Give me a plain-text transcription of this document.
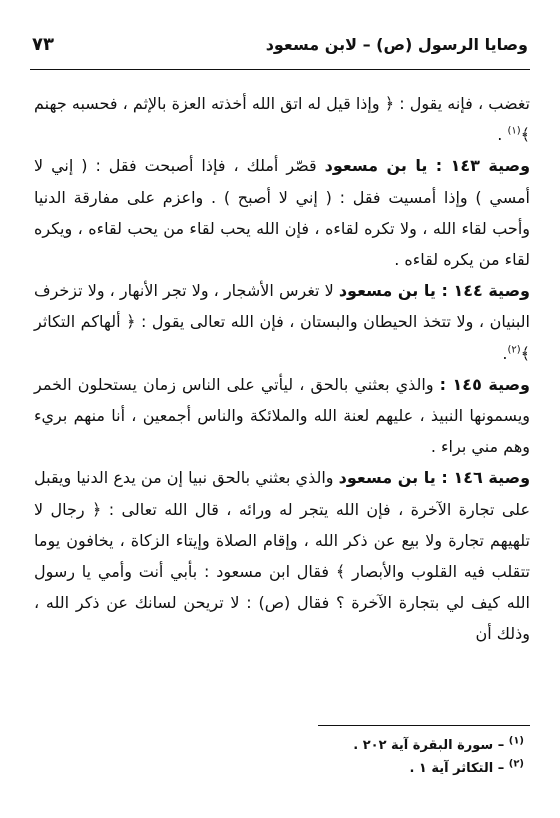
وصايا الرسول (ص) – لابن مسعود
٧٣

تغضب ، فإنه يقول : ﴿ وإذا قيل له اتق الله أخذته العزة بالإثم ، فحسبه جهنم ﴾$^{(١)}$ .

وصية ١٤٣ : يا بن مسعود قصّر أملك ، فإذا أصبحت فقل : ( إني لا أمسي ) وإذا أمسيت فقل : ( إني لا أصبح ) . واعزم على مفارقة الدنيا وأحب لقاء الله ، ولا تكره لقاءه ، فإن الله يحب لقاء من يحب لقاءه ، ويكره لقاء من يكره لقاءه .

وصية ١٤٤ : يا بن مسعود لا تغرس الأشجار ، ولا تجر الأنهار ، ولا تزخرف البنيان ، ولا تتخذ الحيطان والبستان ، فإن الله تعالى يقول : ﴿ ألهاكم التكاثر ﴾$^{(٢)}$.

وصية ١٤٥ : والذي بعثني بالحق ، ليأتي على الناس زمان يستحلون الخمر ويسمونها النبيذ ، عليهم لعنة الله والملائكة والناس أجمعين ، أنا منهم بريء وهم مني براء .

وصية ١٤٦ : يا بن مسعود والذي بعثني بالحق نبيا إن من يدع الدنيا ويقبل على تجارة الآخرة ، فإن الله يتجر له ورائه ، قال الله تعالى : ﴿ رجال لا تلهيهم تجارة ولا بيع عن ذكر الله ، وإقام الصلاة وإيتاء الزكاة ، يخافون يوما تتقلب فيه القلوب والأبصار ﴾ فقال ابن مسعود : بأبي أنت وأمي يا رسول الله كيف لي بتجارة الآخرة ؟ فقال (ص) : لا تريحن لسانك عن ذكر الله ، وذلك أن

$^{(١)}$ – سورة البقرة آية ٢٠٢ .

$^{(٢)}$ – التكاثر آية ١ .
